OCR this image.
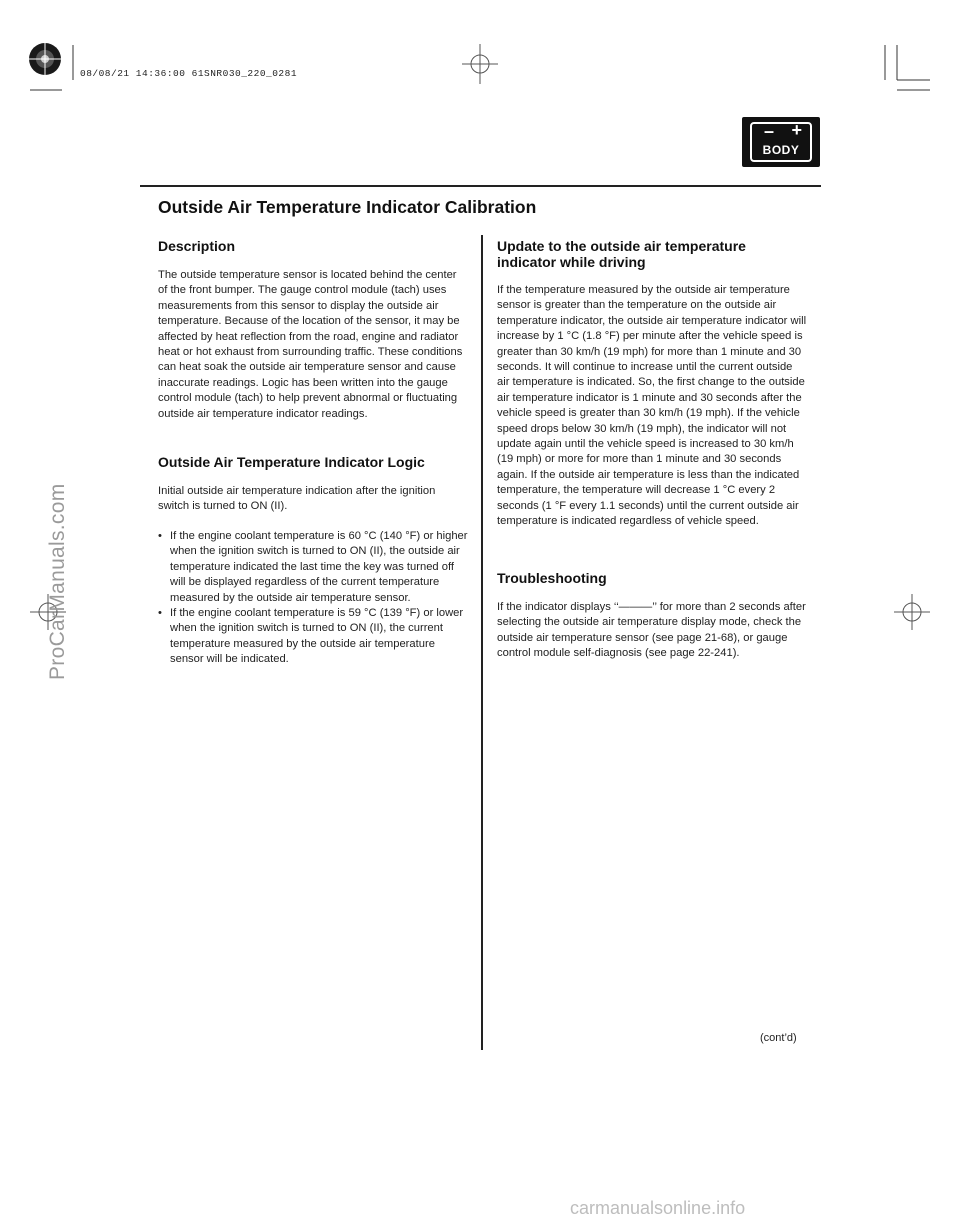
08/08/21 14:36:00 61SNR030_220_0281
ProCarManuals.com
– +
BODY
Outside Air Temperature Indicator Calibration
Description

The outside temperature sensor is located behind the center of the front bumper. The gauge control module (tach) uses measurements from this sensor to display the outside air temperature. Because of the location of the sensor, it may be affected by heat reflection from the road, engine and radiator heat or hot exhaust from surrounding traffic. These conditions can heat soak the outside air temperature sensor and cause inaccurate readings. Logic has been written into the gauge control module (tach) to help prevent abnormal or fluctuating outside air temperature indicator readings.

Outside Air Temperature Indicator Logic

Initial outside air temperature indication after the ignition switch is turned to ON (II).

• If the engine coolant temperature is 60 °C (140 °F) or higher when the ignition switch is turned to ON (II), the outside air temperature indicated the last time the key was turned off will be displayed regardless of the current temperature measured by the outside air temperature sensor.
• If the engine coolant temperature is 59 °C (139 °F) or lower when the ignition switch is turned to ON (II), the current temperature measured by the outside air temperature sensor will be indicated.
Update to the outside air temperature indicator while driving

If the temperature measured by the outside air temperature sensor is greater than the temperature on the outside air temperature indicator, the outside air temperature indicator will increase by 1 °C (1.8 °F) per minute after the vehicle speed is greater than 30 km/h (19 mph) for more than 1 minute and 30 seconds. It will continue to increase until the current outside air temperature is indicated. So, the first change to the outside air temperature indicator is 1 minute and 30 seconds after the vehicle speed is greater than 30 km/h (19 mph). If the vehicle speed drops below 30 km/h (19 mph), the indicator will not update again until the vehicle speed is increased to 30 km/h (19 mph) or more for more than 1 minute and 30 seconds again. If the outside air temperature is less than the indicated temperature, the temperature will decrease 1 °C every 2 seconds (1 °F every 1.1 seconds) until the current outside air temperature is indicated regardless of vehicle speed.

Troubleshooting

If the indicator displays ‘‘———’’ for more than 2 seconds after selecting the outside air temperature display mode, check the outside air temperature sensor (see page 21-68), or gauge control module self-diagnosis (see page 22-241).

(cont’d)
carmanualsonline.info
